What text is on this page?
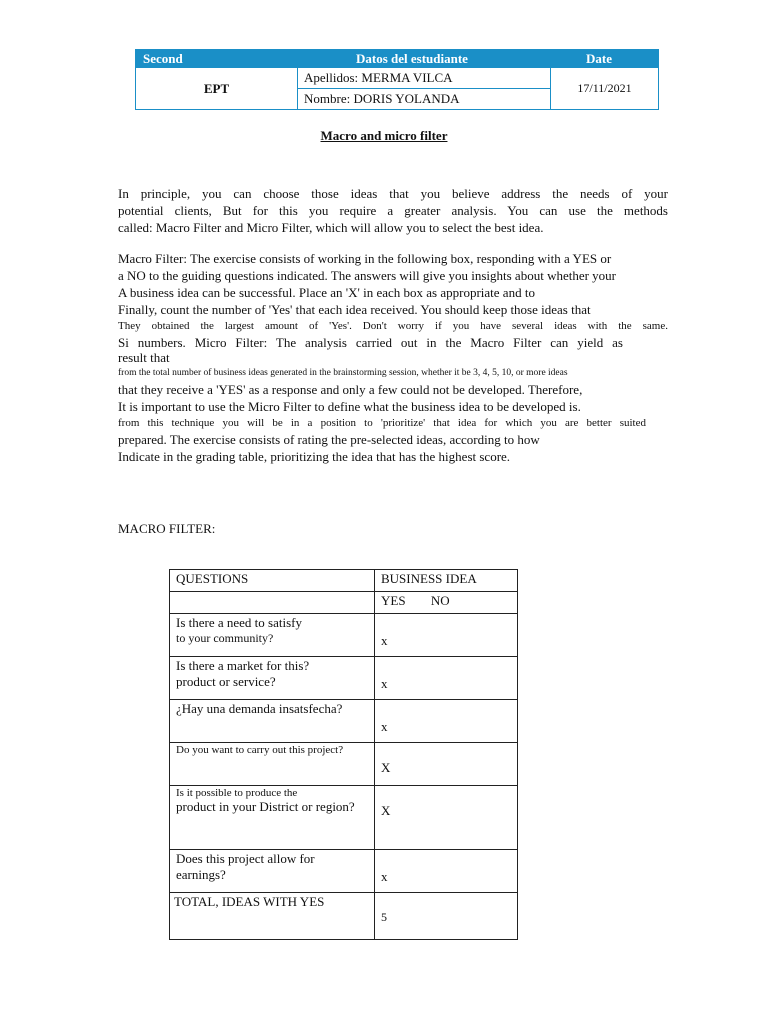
Second	Datos del estudiante	Date
EPT
Apellidos: MERMA VILCA
Nombre: DORIS YOLANDA
17/11/2021
Macro and micro filter
In principle, you can choose those ideas that you believe address the needs of your
potential clients, But for this you require a greater analysis. You can use the methods
called: Macro Filter and Micro Filter, which will allow you to select the best idea.
Macro Filter: The exercise consists of working in the following box, responding with a YES or
a NO to the guiding questions indicated. The answers will give you insights about whether your
A business idea can be successful. Place an 'X' in each box as appropriate and to
Finally, count the number of 'Yes' that each idea received. You should keep those ideas that
They obtained the largest amount of 'Yes'. Don't worry if you have several ideas with the same.
Si numbers. Micro Filter: The analysis carried out in the Macro Filter can yield as
result that
from the total number of business ideas generated in the brainstorming session, whether it be 3, 4, 5, 10, or more ideas
that they receive a 'YES' as a response and only a few could not be developed. Therefore,
It is important to use the Micro Filter to define what the business idea to be developed is.
from this technique you will be in a position to 'prioritize' that idea for which you are better suited
prepared. The exercise consists of rating the pre-selected ideas, according to how
Indicate in the grading table, prioritizing the idea that has the highest score.
MACRO FILTER:
QUESTIONS	BUSINESS IDEA
	YES NO

Is there a need to satisfy
to your community?	x

Is there a market for this?
product or service?	x

¿Hay una demanda insatsfecha?	x

Do you want to carry out this project?	X

Is it possible to produce the
product in your District or region?	X

Does this project allow for
earnings?	x

TOTAL, IDEAS WITH YES	5
